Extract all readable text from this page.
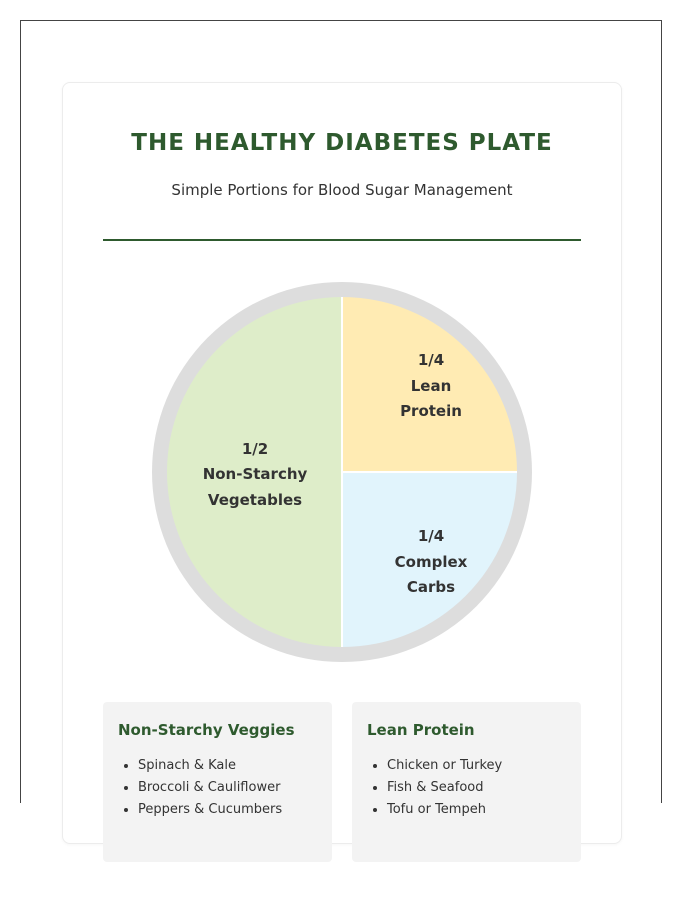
THE HEALTHY DIABETES PLATE
Simple Portions for Blood Sugar Management
1/2
Non-Starchy
Vegetables
1/4
Lean
Protein
1/4
Complex
Carbs
Non-Starchy Veggies
• Spinach & Kale
• Broccoli & Cauliflower
• Peppers & Cucumbers
Lean Protein
• Chicken or Turkey
• Fish & Seafood
• Tofu or Tempeh
